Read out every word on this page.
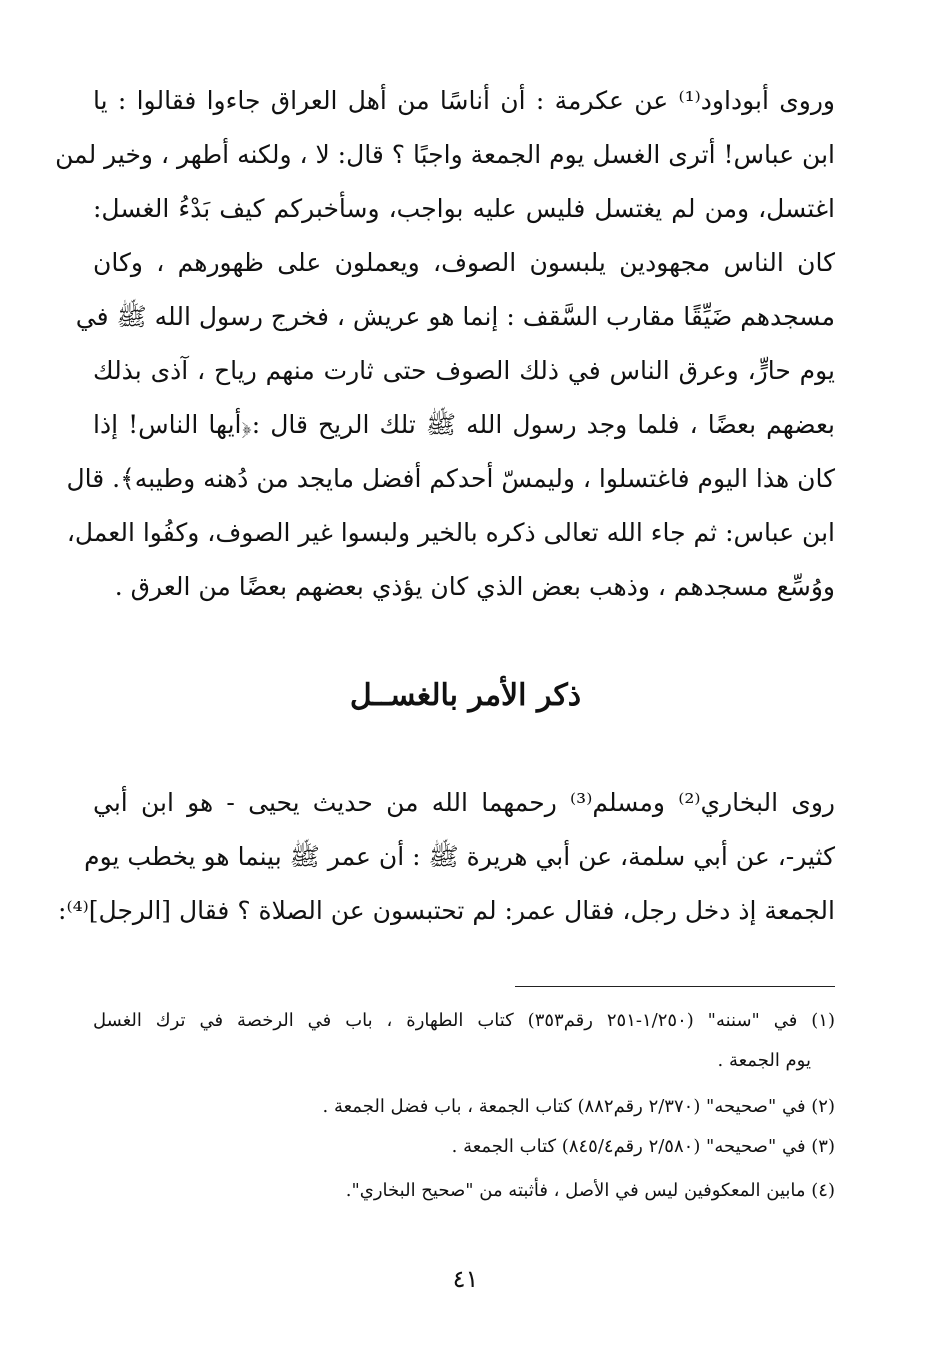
وروى أبوداود⁽¹⁾ عن عكرمة : أن أناسًا من أهل العراق جاءوا فقالوا : يا
ابن عباس! أترى الغسل يوم الجمعة واجبًا ؟ قال: لا ، ولكنه أطهر ، وخير لمن
اغتسل، ومن لم يغتسل فليس عليه بواجب، وسأخبركم كيف بَدْءُ الغسل:
كان الناس مجهودين يلبسون الصوف، ويعملون على ظهورهم ، وكان
مسجدهم ضَيِّقًا مقارب السَّقف : إنما هو عريش ، فخرج رسول الله ﷺ في
يوم حارٍّ، وعرق الناس في ذلك الصوف حتى ثارت منهم رياح ، آذى بذلك
بعضهم بعضًا ، فلما وجد رسول الله ﷺ تلك الريح قال :﴿أيها الناس! إذا
كان هذا اليوم فاغتسلوا ، وليمسّ أحدكم أفضل مايجد من دُهنه وطيبه﴾. قال
ابن عباس: ثم جاء الله تعالى ذكره بالخير ولبسوا غير الصوف، وكفُوا العمل،
ووُسِّع مسجدهم ، وذهب بعض الذي كان يؤذي بعضهم بعضًا من العرق .
ذكر الأمر بالغســل
روى البخاري⁽²⁾ ومسلم⁽³⁾ رحمهما الله من حديث يحيى - هو ابن أبي
كثير-، عن أبي سلمة، عن أبي هريرة ﷺ : أن عمر ﷺ بينما هو يخطب يوم
الجمعة إذ دخل رجل، فقال عمر: لم تحتبسون عن الصلاة ؟ فقال [الرجل]⁽⁴⁾:
(١) في "سننه" (١/٢٥٠-٢٥١ رقم٣٥٣) كتاب الطهارة ، باب في الرخصة في ترك الغسل
يوم الجمعة .
(٢) في "صحيحه" (٢/٣٧٠ رقم٨٨٢) كتاب الجمعة ، باب فضل الجمعة .
(٣) في "صحيحه" (٢/٥٨٠ رقم٨٤٥/٤) كتاب الجمعة .
(٤) مابين المعكوفين ليس في الأصل ، فأثبته من "صحيح البخاري".
٤١
